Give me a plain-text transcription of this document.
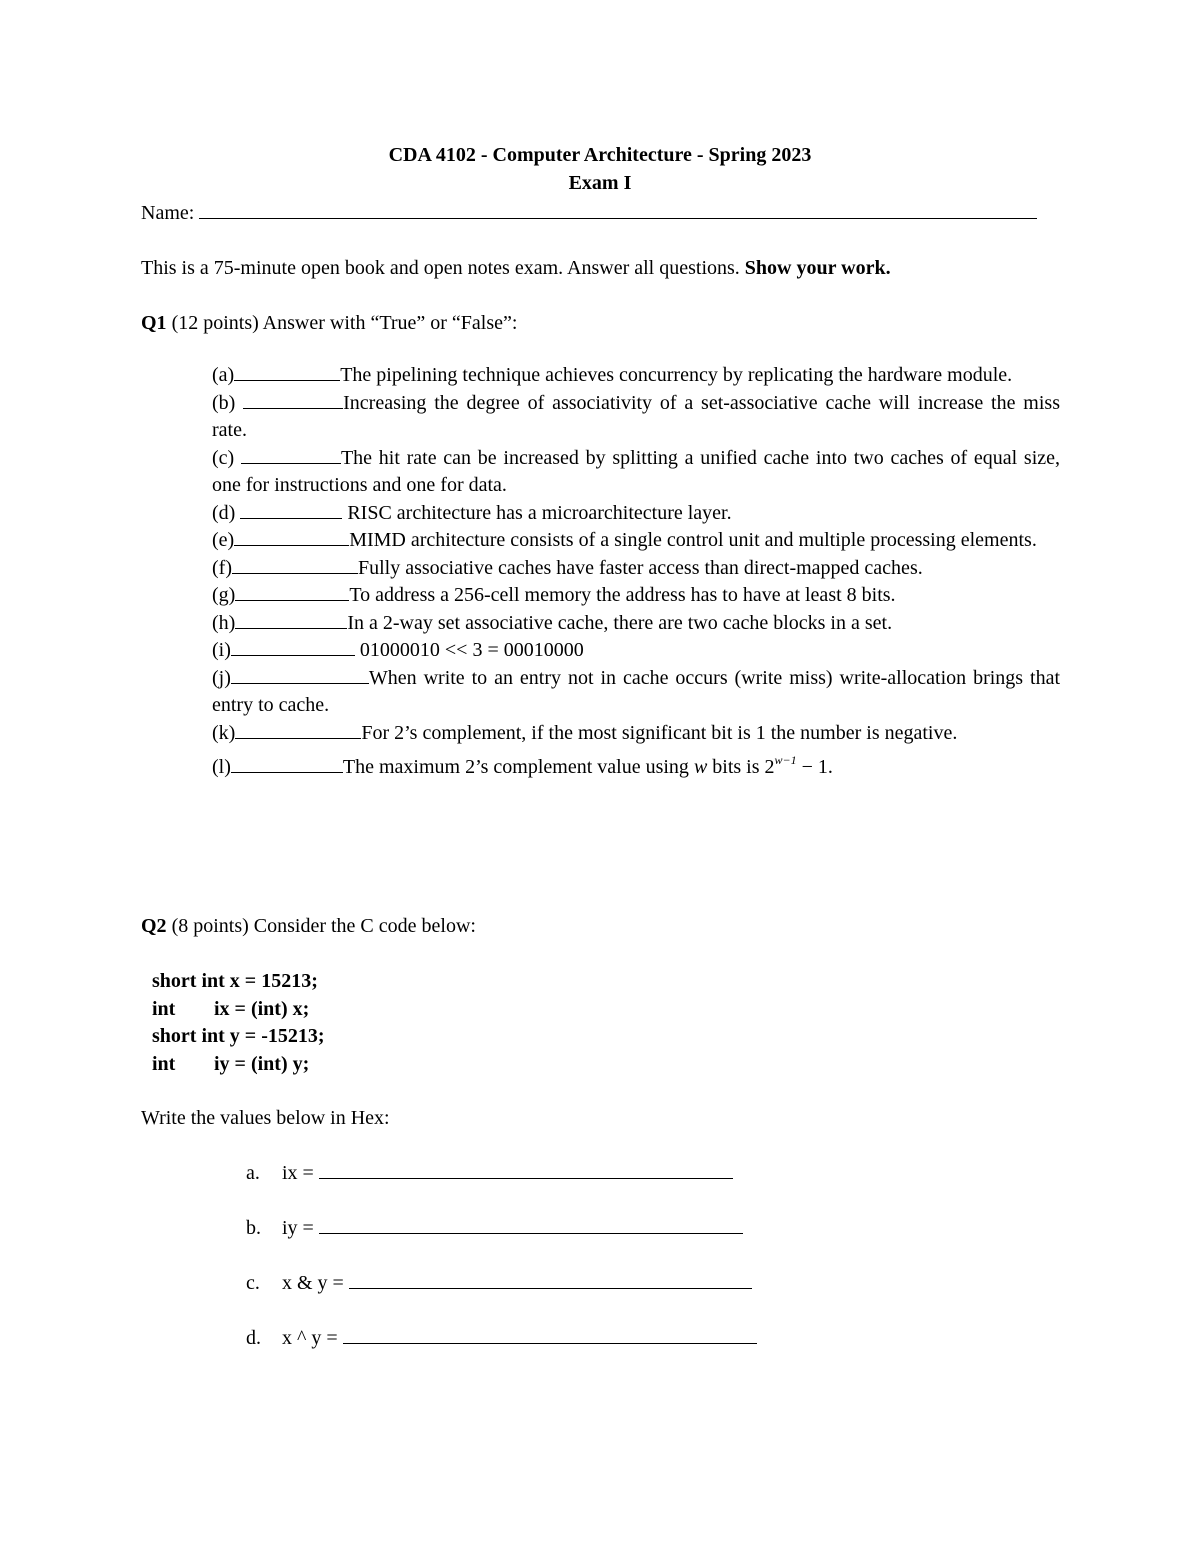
CDA 4102 - Computer Architecture - Spring 2023
Exam I
Name:
This is a 75-minute open book and open notes exam. Answer all questions. Show your work.
Q1 (12 points) Answer with “True” or “False”:
(a)	The pipelining technique achieves concurrency by replicating the hardware module.
(b)	Increasing the degree of associativity of a set-associative cache will increase the miss rate.
(c)	The hit rate can be increased by splitting a unified cache into two caches of equal size, one for instructions and one for data.
(d)	RISC architecture has a microarchitecture layer.
(e)	MIMD architecture consists of a single control unit and multiple processing elements.
(f)	Fully associative caches have faster access than direct-mapped caches.
(g)	To address a 256-cell memory the address has to have at least 8 bits.
(h)	In a 2-way set associative cache, there are two cache blocks in a set.
(i)	01000010 << 3 = 00010000
(j)	When write to an entry not in cache occurs (write miss) write-allocation brings that entry to cache.
(k)	For 2’s complement, if the most significant bit is 1 the number is negative.
(l)	The maximum 2’s complement value using w bits is $2^{w-1} - 1$.
Q2 (8 points) Consider the C code below:
short int x = 15213;
int ix = (int) x;
short int y = -15213;
int iy = (int) y;
Write the values below in Hex:
a. ix =
b. iy =
c. x & y =
d. x ^ y =
